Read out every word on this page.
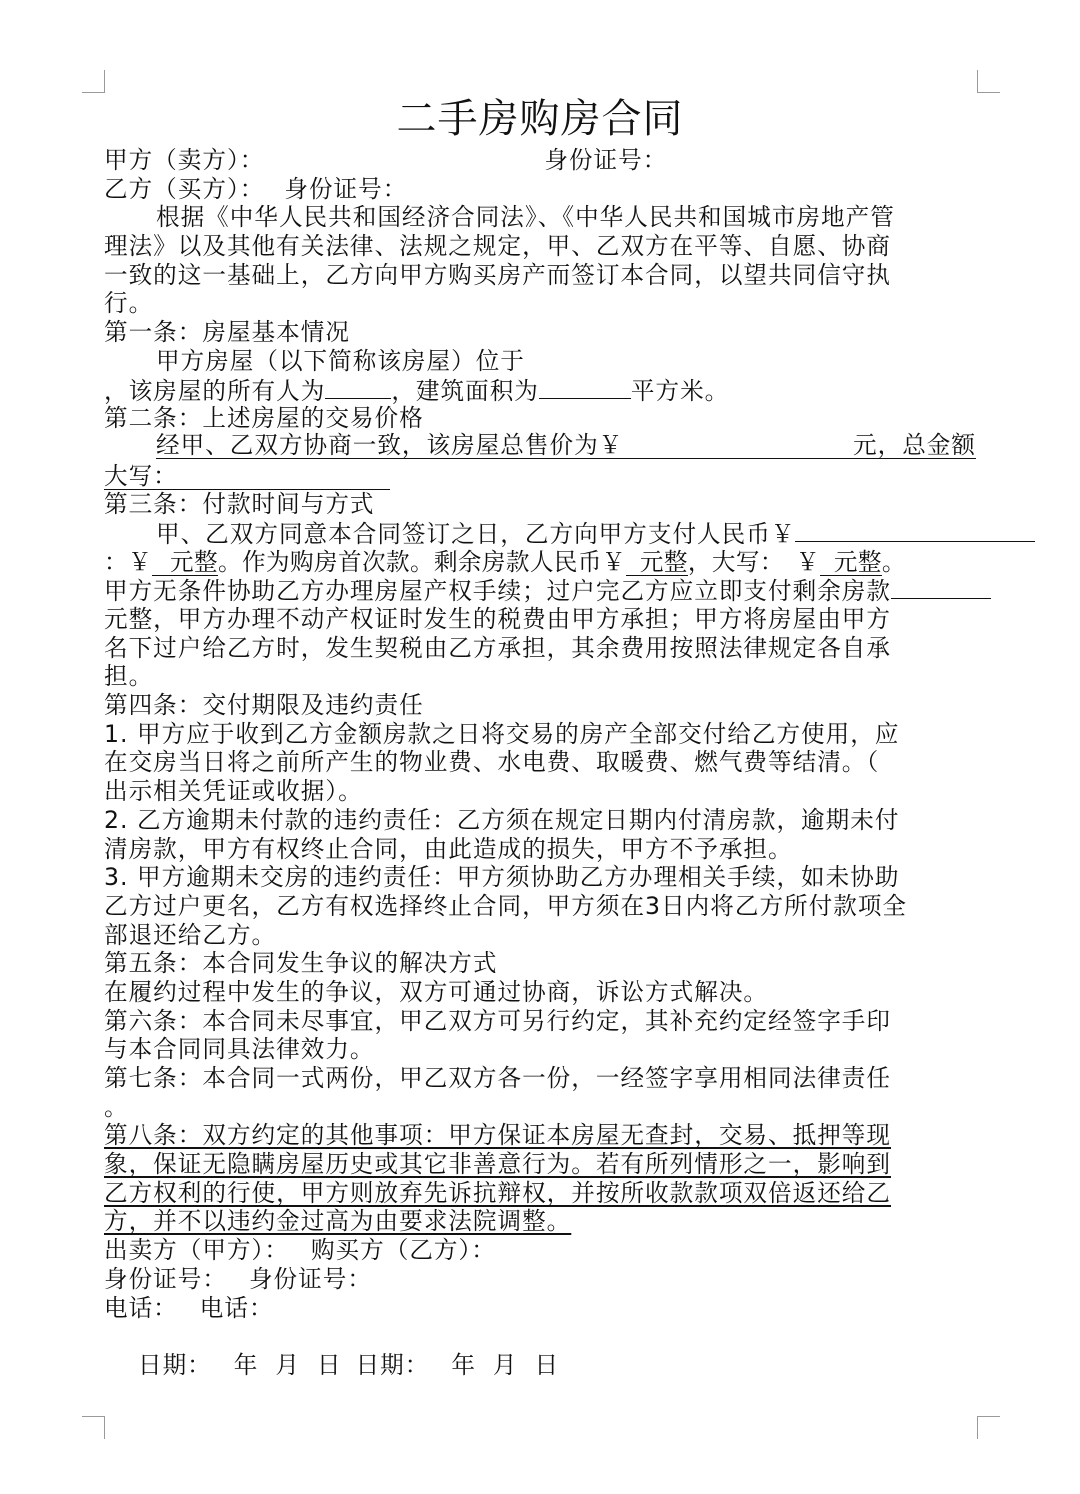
二手房购房合同
甲方（卖方）：	身份证号：
乙方（买方）： 身份证号：
根据《中华人民共和国经济合同法》、《中华人民共和国城市房地产管
理法》以及其他有关法律、法规之规定，甲、乙双方在平等、自愿、协商
一致的这一基础上，乙方向甲方购买房产而签订本合同，以望共同信守执
行。
第一条：房屋基本情况
甲方房屋（以下简称该房屋）位于
，该房屋的所有人为	，建筑面积为	平方米。
第二条：上述房屋的交易价格
经甲、乙双方协商一致，该房屋总售价为￥	元，总金额
大写：
第三条：付款时间与方式
甲、乙双方同意本合同签订之日，乙方向甲方支付人民币￥
：￥ 元整。作为购房首次款。剩余房款人民币￥ 元整，大写： ￥ 元整。
甲方无条件协助乙方办理房屋产权手续；过户完乙方应立即支付剩余房款
元整，甲方办理不动产权证时发生的税费由甲方承担；甲方将房屋由甲方
名下过户给乙方时，发生契税由乙方承担，其余费用按照法律规定各自承
担。
第四条：交付期限及违约责任
1. 甲方应于收到乙方金额房款之日将交易的房产全部交付给乙方使用，应
在交房当日将之前所产生的物业费、水电费、取暖费、燃气费等结清。（
出示相关凭证或收据）。
2. 乙方逾期未付款的违约责任：乙方须在规定日期内付清房款，逾期未付
清房款，甲方有权终止合同，由此造成的损失，甲方不予承担。
3. 甲方逾期未交房的违约责任：甲方须协助乙方办理相关手续，如未协助
乙方过户更名，乙方有权选择终止合同，甲方须在3日内将乙方所付款项全
部退还给乙方。
第五条：本合同发生争议的解决方式
在履约过程中发生的争议，双方可通过协商，诉讼方式解决。
第六条：本合同未尽事宜，甲乙双方可另行约定，其补充约定经签字手印
与本合同同具法律效力。
第七条：本合同一式两份，甲乙双方各一份，一经签字享用相同法律责任
。
第八条：双方约定的其他事项：甲方保证本房屋无查封，交易、抵押等现
象，保证无隐瞒房屋历史或其它非善意行为。若有所列情形之一，影响到
乙方权利的行使，甲方则放弃先诉抗辩权，并按所收款款项双倍返还给乙
方，并不以违约金过高为由要求法院调整。
出卖方（甲方）： 购买方（乙方）：
身份证号： 身份证号：
电话： 电话：

日期： 年  月  日 日期： 年  月  日
